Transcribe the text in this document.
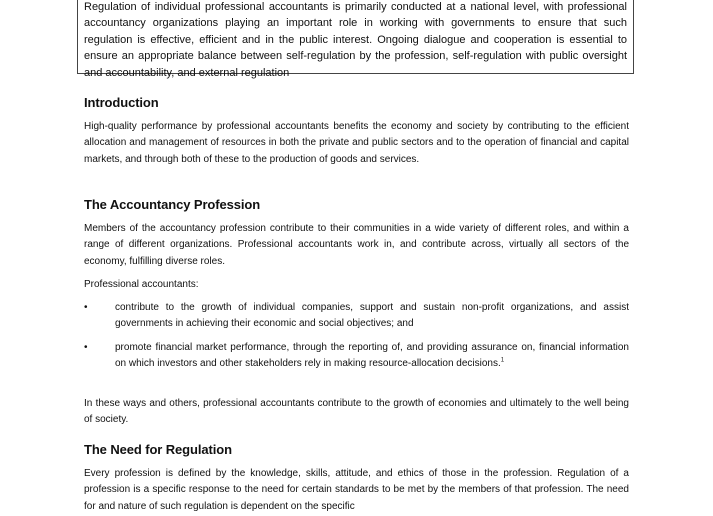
Regulation of individual professional accountants is primarily conducted at a national level, with professional accountancy organizations playing an important role in working with governments to ensure that such regulation is effective, efficient and in the public interest. Ongoing dialogue and cooperation is essential to ensure an appropriate balance between self-regulation by the profession, self-regulation with public oversight and accountability, and external regulation
Introduction

High-quality performance by professional accountants benefits the economy and society by contributing to the efficient allocation and management of resources in both the private and public sectors and to the operation of financial and capital markets, and through both of these to the production of goods and services.

The Accountancy Profession

Members of the accountancy profession contribute to their communities in a wide variety of different roles, and within a range of different organizations. Professional accountants work in, and contribute across, virtually all sectors of the economy, fulfilling diverse roles.

Professional accountants:

•	contribute to the growth of individual companies, support and sustain non-profit organizations, and assist governments in achieving their economic and social objectives; and
•	promote financial market performance, through the reporting of, and providing assurance on, financial information on which investors and other stakeholders rely in making resource-allocation decisions.$^1$

In these ways and others, professional accountants contribute to the growth of economies and ultimately to the well being of society.

The Need for Regulation

Every profession is defined by the knowledge, skills, attitude, and ethics of those in the profession. Regulation of a profession is a specific response to the need for certain standards to be met by the members of that profession. The need for and nature of such regulation is dependent on the specific
